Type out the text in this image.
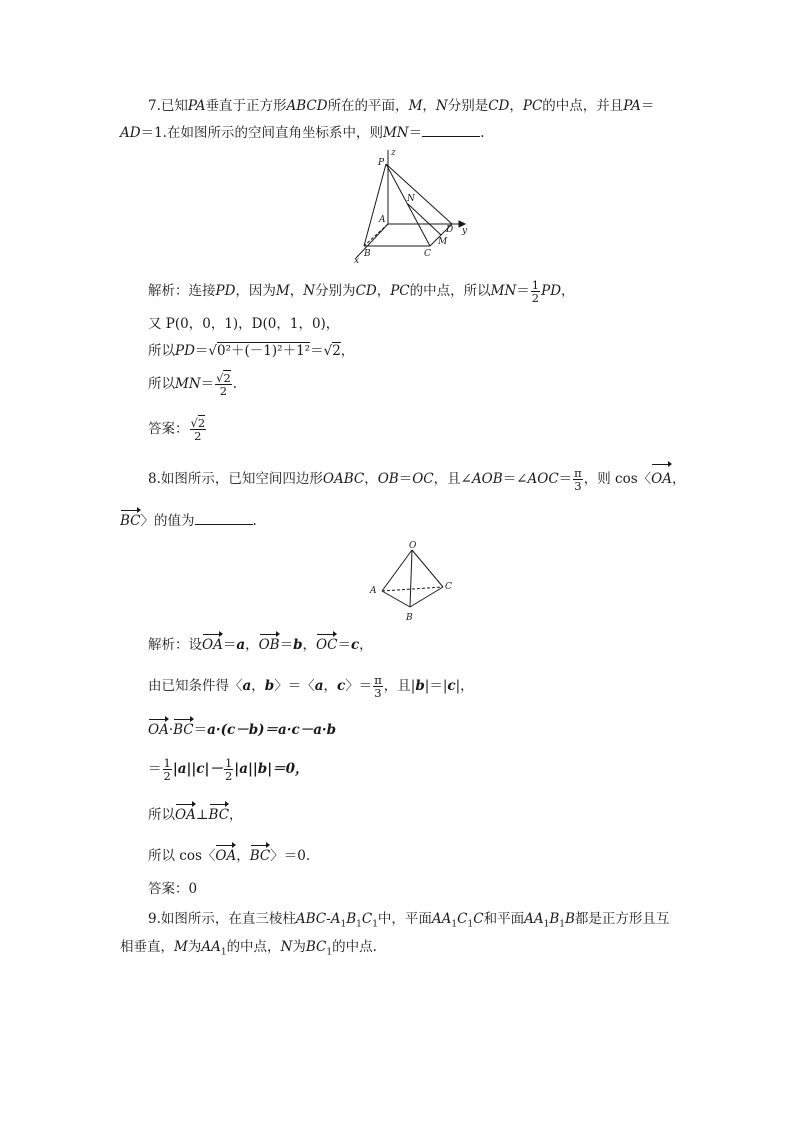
7.已知PA垂直于正方形ABCD所在的平面，M，N分别是CD，PC的中点，并且PA＝
AD＝1.在如图所示的空间直角坐标系中，则MN＝	.
P
z
N
A
D y
M
B	C
x
解析：连接PD，因为M，N分别为CD，PC的中点，所以$MN= \frac{1}{2}$ PD，
又 P(0，0，1)，D(0，1，0)，
所以PD＝√0²＋(－1)²＋1²＝√2，
所以$MN= \frac{√2}{2}$ .
答案： $\frac{√2}{2}$
8.如图所示，已知空间四边形OABC，OB＝OC，且∠AOB＝∠AOC＝ $\frac{\pi}{3}$ ，则 cos〈OA，
BC〉的值为	.
O
A
B
C
解析：设OA＝a，OB＝b，OC＝c，
由已知条件得〈a，b〉＝〈a，c〉＝ $\frac{\pi}{3}$ ，且|b|＝|c|，
OA·BC＝a·(c－b)＝a·c－a·b
＝ $\frac{1}{2} |a||c|- \frac{1}{2} |a||b|=0$，
所以OA⊥BC，
所以 cos〈OA，BC〉＝0.
答案：0
9.如图所示，在直三棱柱ABC-$A_1B_1C_1$中，平面$AA_1C_1C$和平面$AA_1B_1B$都是正方形且互
相垂直，M为$AA_1$的中点，N为$BC_1$的中点.
